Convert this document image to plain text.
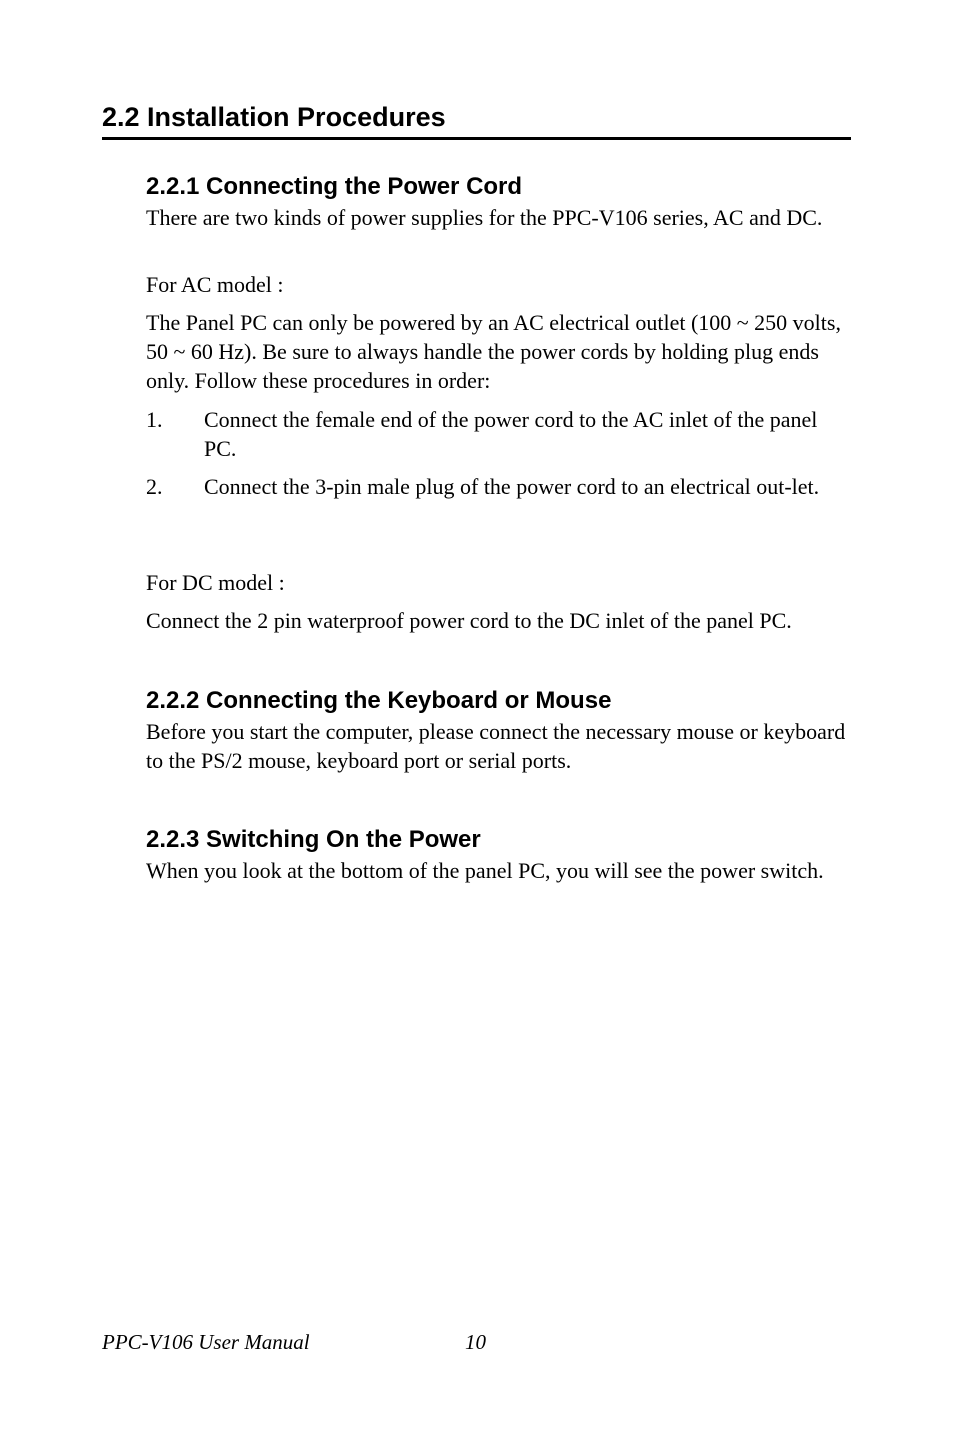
2.2 Installation Procedures
2.2.1 Connecting the Power Cord

There are two kinds of power supplies for the PPC-V106 series, AC and DC.

For AC model :

The Panel PC can only be powered by an AC electrical outlet (100 ~ 250 volts, 50 ~ 60 Hz). Be sure to always handle the power cords by holding plug ends only. Follow these procedures in order:

1. Connect the female end of the power cord to the AC inlet of the panel PC.

2. Connect the 3-pin male plug of the power cord to an electrical out-let.

For DC model :

Connect the 2 pin waterproof power cord to the DC inlet of the panel PC.

2.2.2 Connecting the Keyboard or Mouse

Before you start the computer, please connect the necessary mouse or keyboard to the PS/2 mouse, keyboard port or serial ports.

2.2.3 Switching On the Power

When you look at the bottom of the panel PC, you will see the power switch.

PPC-V106 User Manual	10
